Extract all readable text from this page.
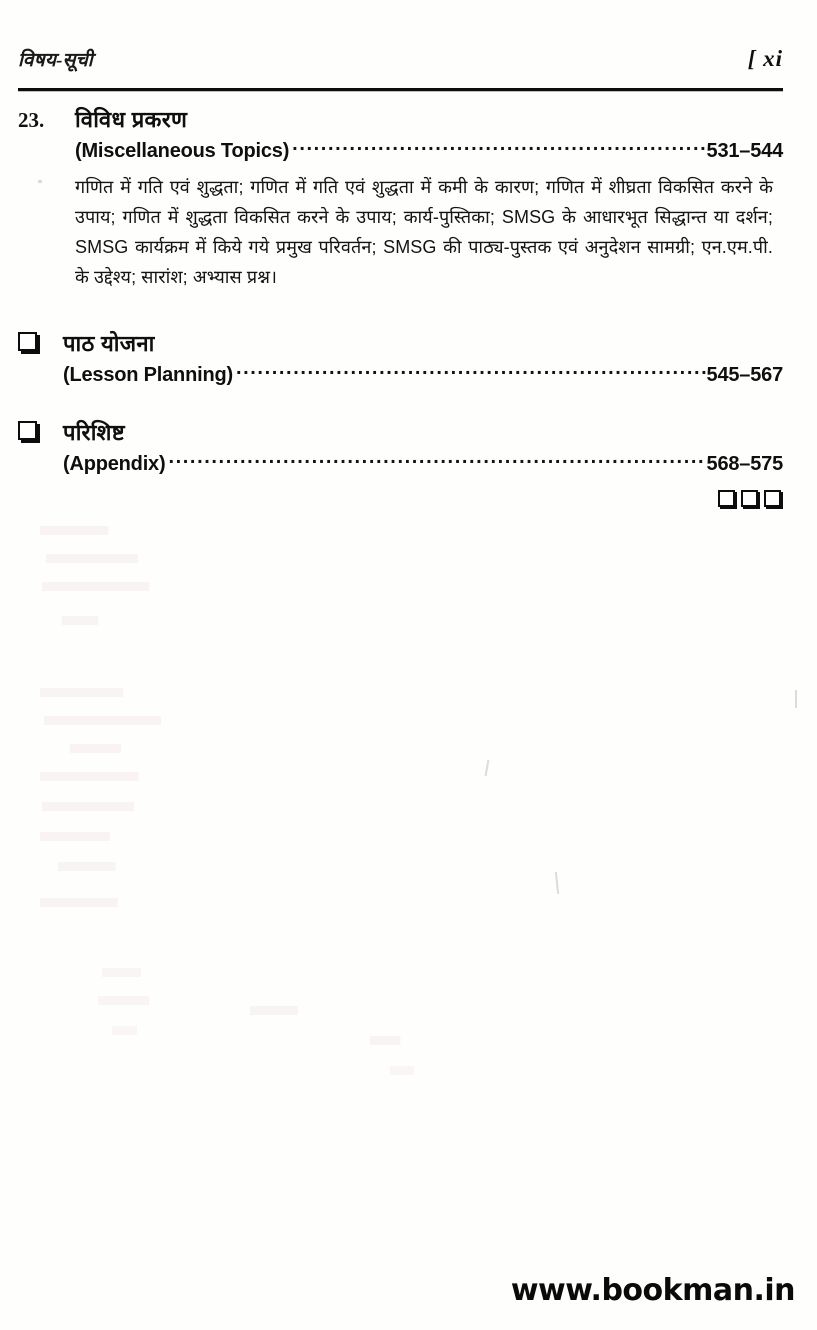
विषय-सूची	[ xi
23.	विविध प्रकरण
(Miscellaneous Topics) .....	531–544
गणित में गति एवं शुद्धता; गणित में गति एवं शुद्धता में कमी के कारण; गणित में शीघ्रता विकसित करने के उपाय; गणित में शुद्धता विकसित करने के उपाय; कार्य-पुस्तिका; SMSG के आधारभूत सिद्धान्त या दर्शन; SMSG कार्यक्रम में किये गये प्रमुख परिवर्तन; SMSG की पाठ्य-पुस्तक एवं अनुदेशन सामग्री; एन.एम.पी. के उद्देश्य; सारांश; अभ्यास प्रश्न।
पाठ योजना
(Lesson Planning) .....	545–567
परिशिष्ट
(Appendix) .....	568–575
www.bookman.in
